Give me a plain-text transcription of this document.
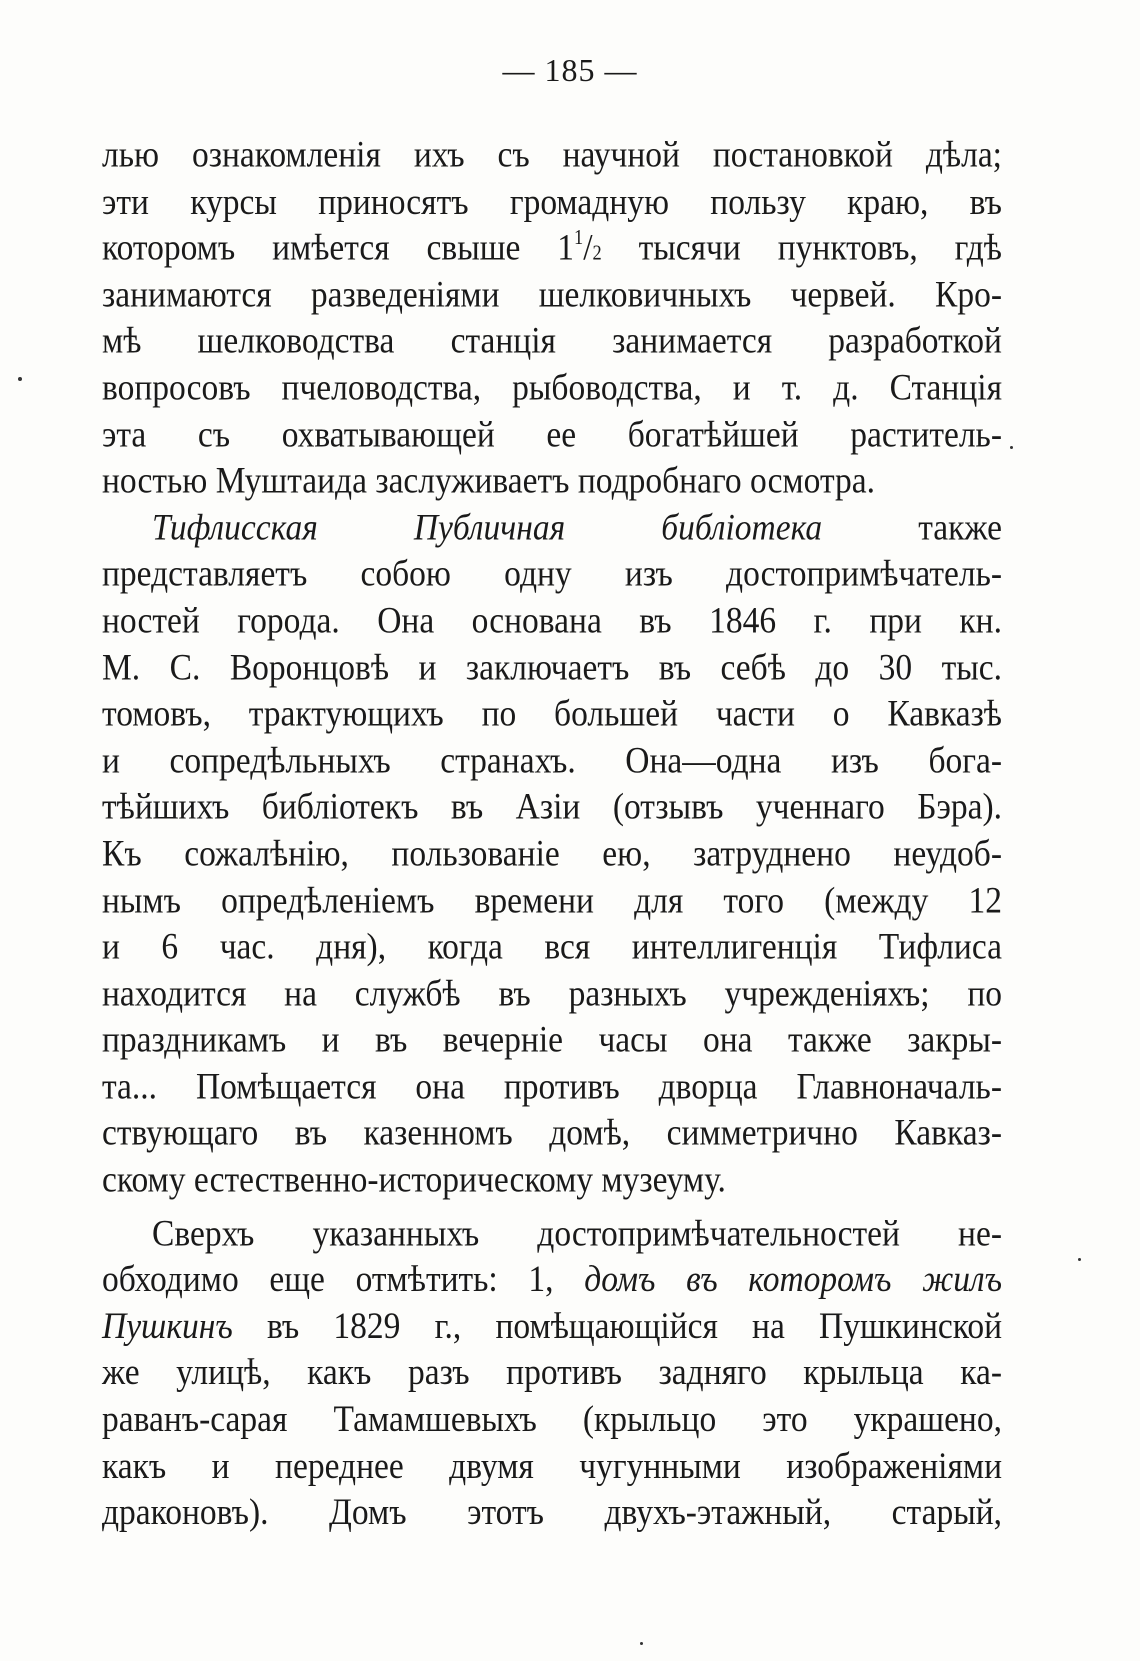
— 185 —
лью ознакомленія ихъ съ научной постановкой дѣла;
эти курсы приносятъ громадную пользу краю, въ
которомъ имѣется свыше $1^1/2$ тысячи пунктовъ, гдѣ
занимаются разведеніями шелковичныхъ червей. Кро-
мѣ шелководства станція занимается разработкой
вопросовъ пчеловодства, рыбоводства, и т. д. Станція
эта съ охватывающей ее богатѣйшей раститель-
ностью Муштаида заслуживаетъ подробнаго осмотра.
Тифлисская Публичная библіотека также
представляетъ собою одну изъ достопримѣчатель-
ностей города. Она основана въ 1846 г. при кн.
М. С. Воронцовѣ и заключаетъ въ себѣ до 30 тыс.
томовъ, трактующихъ по большей части о Кавказѣ
и сопредѣльныхъ странахъ. Она—одна изъ бога-
тѣйшихъ библіотекъ въ Азіи (отзывъ ученнаго Бэра).
Къ сожалѣнію, пользованіе ею, затруднено неудоб-
нымъ опредѣленіемъ времени для того (между 12
и 6 час. дня), когда вся интеллигенція Тифлиса
находится на службѣ въ разныхъ учрежденіяхъ; по
праздникамъ и въ вечерніе часы она также закры-
та... Помѣщается она противъ дворца Главноначаль-
ствующаго въ казенномъ домѣ, симметрично Кавказ-
скому естественно-историческому музеуму.
Сверхъ указанныхъ достопримѣчательностей не-
обходимо еще отмѣтить: 1, домъ въ которомъ жилъ
Пушкинъ въ 1829 г., помѣщающійся на Пушкинской
же улицѣ, какъ разъ противъ задняго крыльца ка-
раванъ-сарая Тамамшевыхъ (крыльцо это украшено,
какъ и переднее двумя чугунными изображеніями
драконовъ). Домъ этотъ двухъ-этажный, старый,
